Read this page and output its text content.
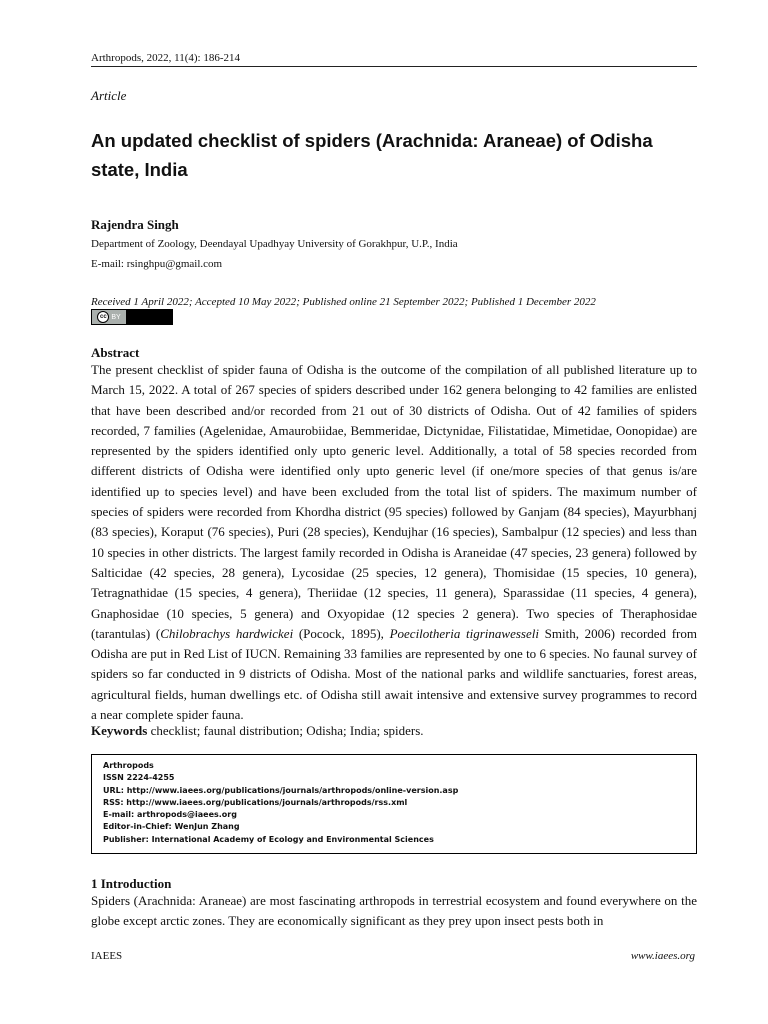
Arthropods, 2022, 11(4): 186-214
Article
An updated checklist of spiders (Arachnida: Araneae) of Odisha state, India
Rajendra Singh
Department of Zoology, Deendayal Upadhyay University of Gorakhpur, U.P., India
E-mail: rsinghpu@gmail.com
Received 1 April 2022; Accepted 10 May 2022; Published online 21 September 2022; Published 1 December 2022
cc BY
Abstract

The present checklist of spider fauna of Odisha is the outcome of the compilation of all published literature up to March 15, 2022. A total of 267 species of spiders described under 162 genera belonging to 42 families are enlisted that have been described and/or recorded from 21 out of 30 districts of Odisha. Out of 42 families of spiders recorded, 7 families (Agelenidae, Amaurobiidae, Bemmeridae, Dictynidae, Filistatidae, Mimetidae, Oonopidae) are represented by the spiders identified only upto generic level. Additionally, a total of 58 species recorded from different districts of Odisha were identified only upto generic level (if one/more species of that genus is/are identified up to species level) and have been excluded from the total list of spiders. The maximum number of species of spiders were recorded from Khordha district (95 species) followed by Ganjam (84 species), Mayurbhanj (83 species), Koraput (76 species), Puri (28 species), Kendujhar (16 species), Sambalpur (12 species) and less than 10 species in other districts. The largest family recorded in Odisha is Araneidae (47 species, 23 genera) followed by Salticidae (42 species, 28 genera), Lycosidae (25 species, 12 genera), Thomisidae (15 species, 10 genera), Tetragnathidae (15 species, 4 genera), Theriidae (12 species, 11 genera), Sparassidae (11 species, 4 genera), Gnaphosidae (10 species, 5 genera) and Oxyopidae (12 species 2 genera). Two species of Theraphosidae (tarantulas) (Chilobrachys hardwickei (Pocock, 1895), Poecilotheria tigrinawesseli Smith, 2006) recorded from Odisha are put in Red List of IUCN. Remaining 33 families are represented by one to 6 species. No faunal survey of spiders so far conducted in 9 districts of Odisha. Most of the national parks and wildlife sanctuaries, forest areas, agricultural fields, human dwellings etc. of Odisha still await intensive and extensive survey programmes to record a near complete spider fauna.

Keywords checklist; faunal distribution; Odisha; India; spiders.
Arthropods
ISSN 2224-4255
URL: http://www.iaees.org/publications/journals/arthropods/online-version.asp
RSS: http://www.iaees.org/publications/journals/arthropods/rss.xml
E-mail: arthropods@iaees.org
Editor-in-Chief: WenJun Zhang
Publisher: International Academy of Ecology and Environmental Sciences
1 Introduction

Spiders (Arachnida: Araneae) are most fascinating arthropods in terrestrial ecosystem and found everywhere on the globe except arctic zones. They are economically significant as they prey upon insect pests both in

IAEES	www.iaees.org
